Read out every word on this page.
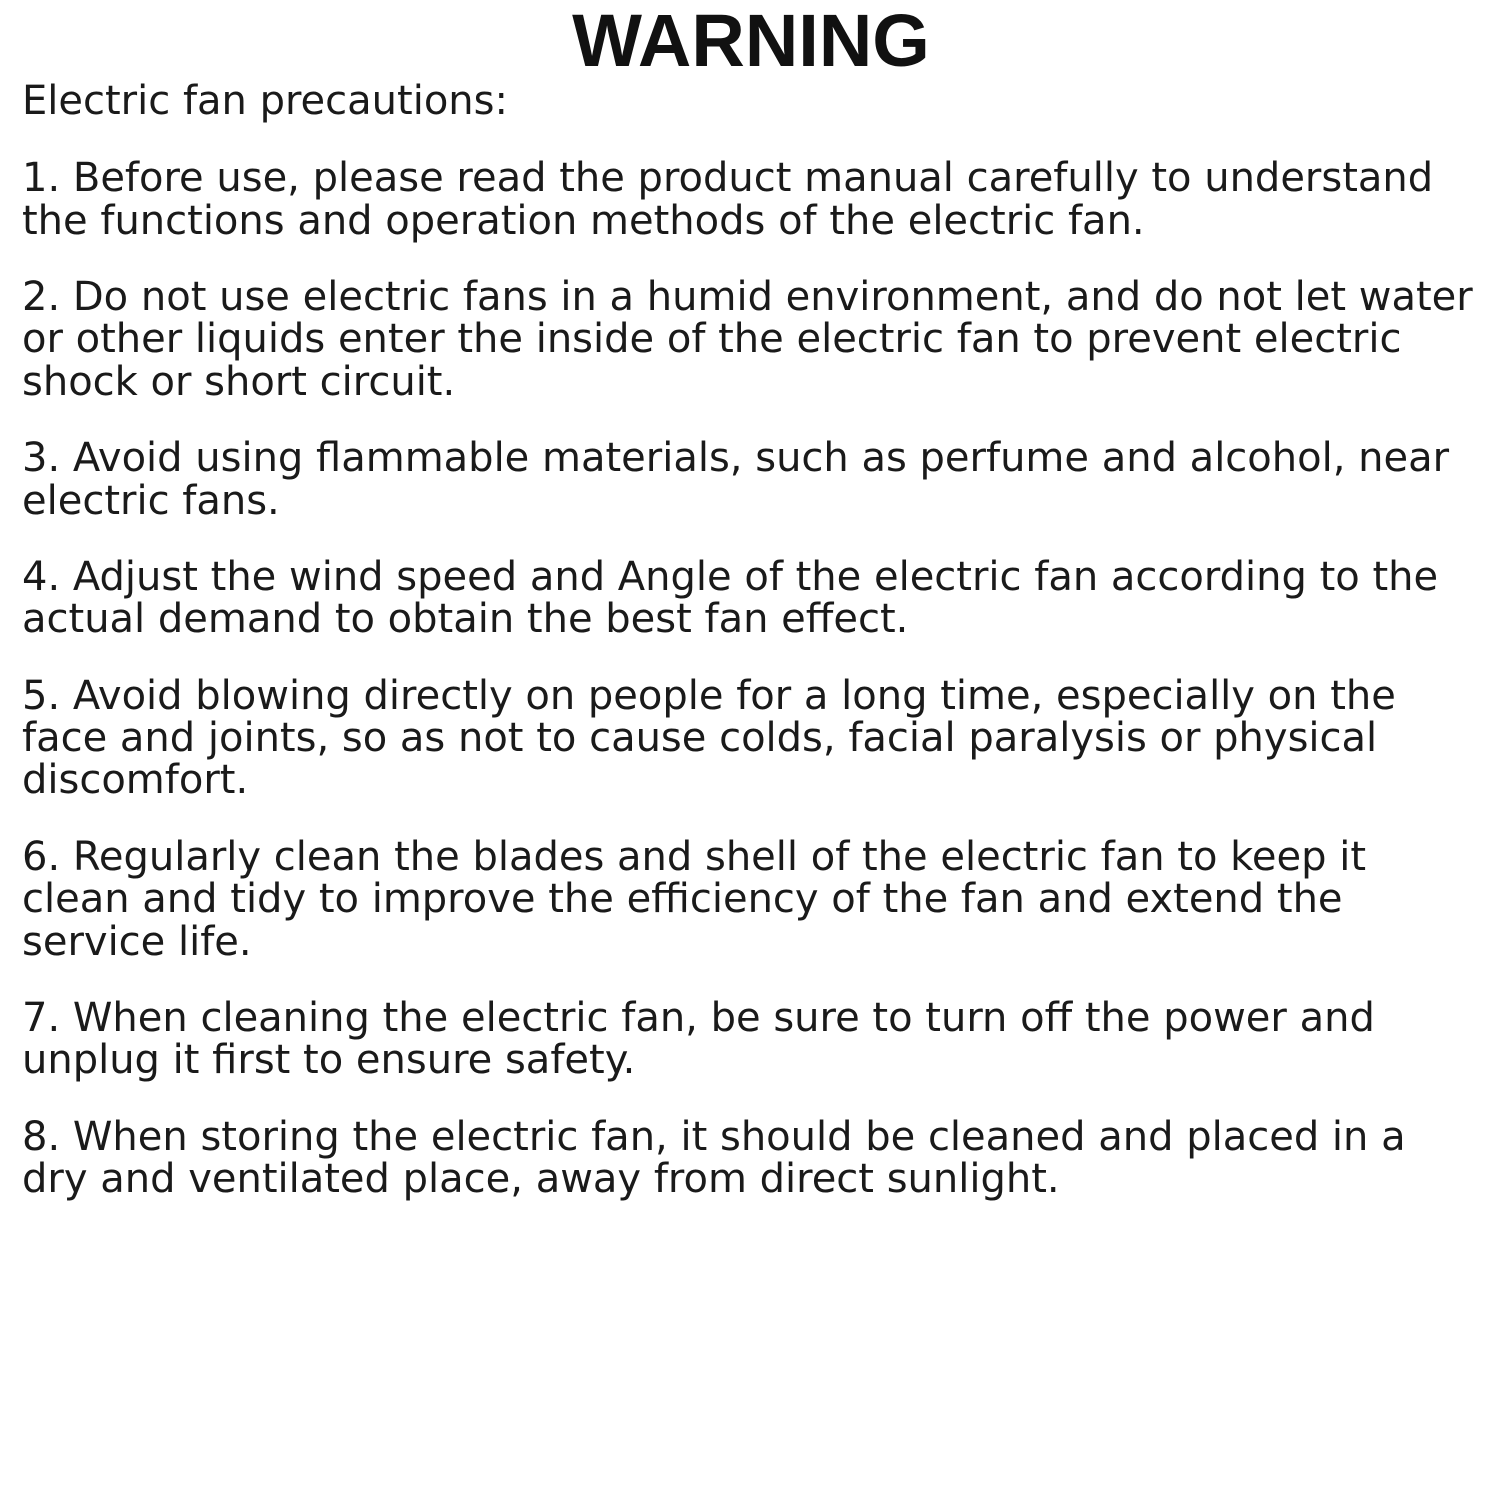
WARNING

Electric fan precautions:

1. Before use, please read the product manual carefully to understand the functions and operation methods of the electric fan.

2. Do not use electric fans in a humid environment, and do not let water or other liquids enter the inside of the electric fan to prevent electric shock or short circuit.

3. Avoid using flammable materials, such as perfume and alcohol, near electric fans.

4. Adjust the wind speed and Angle of the electric fan according to the actual demand to obtain the best fan effect.

5. Avoid blowing directly on people for a long time, especially on the face and joints, so as not to cause colds, facial paralysis or physical discomfort.

6. Regularly clean the blades and shell of the electric fan to keep it clean and tidy to improve the efficiency of the fan and extend the service life.

7. When cleaning the electric fan, be sure to turn off the power and unplug it first to ensure safety.

8. When storing the electric fan, it should be cleaned and placed in a dry and ventilated place, away from direct sunlight.
